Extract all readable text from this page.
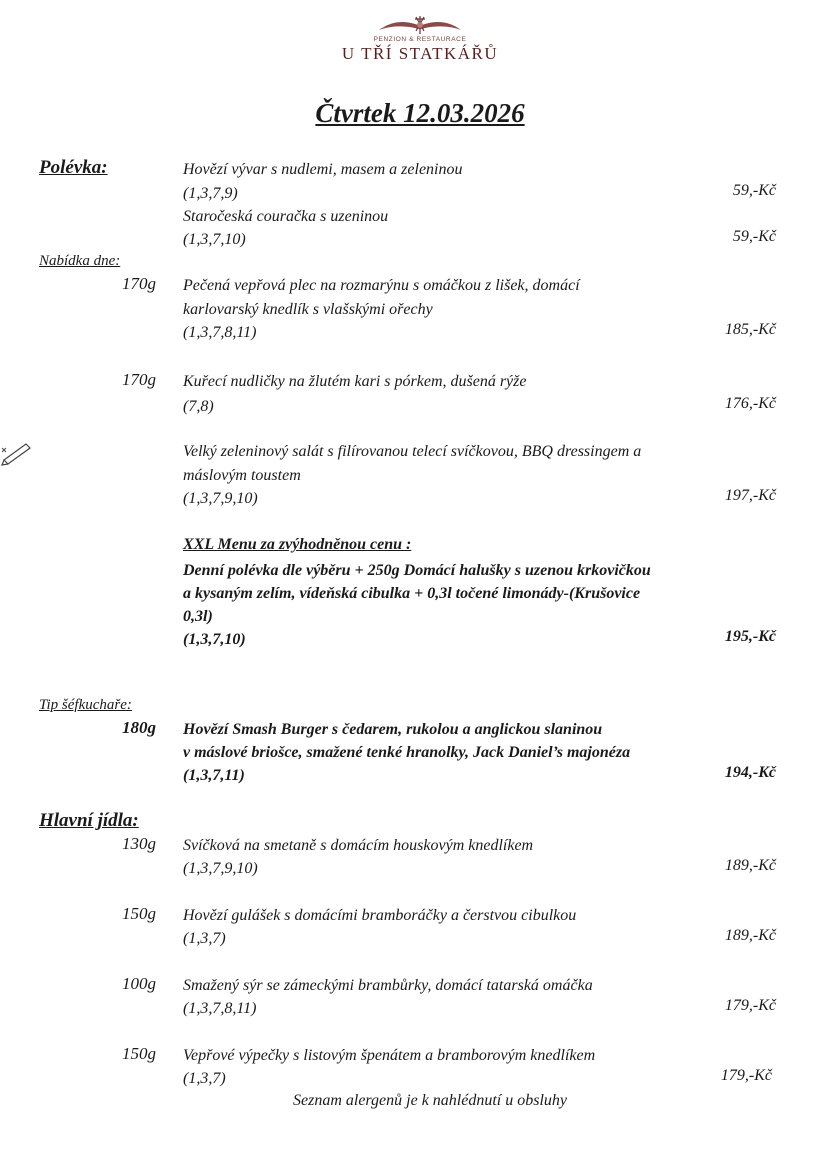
PENZION & RESTAURACE
U TŘÍ STATKÁŘŮ
Čtvrtek 12.03.2026
Polévka:	Hovězí vývar s nudlemi, masem a zeleninou
(1,3,7,9)	59,-Kč
Staročeská couračka s uzeninou
(1,3,7,10)	59,-Kč
Nabídka dne:
170g Pečená vepřová plec na rozmarýnu s omáčkou z lišek, domácí
karlovarský knedlík s vlašskými ořechy
(1,3,7,8,11)	185,-Kč
170g Kuřecí nudličky na žlutém kari s pórkem, dušená rýže
(7,8)	176,-Kč
Velký zeleninový salát s filírovanou telecí svíčkovou, BBQ dressingem a
máslovým toustem
(1,3,7,9,10)	197,-Kč
XXL Menu za zvýhodněnou cenu :
Denní polévka dle výběru + 250g Domácí halušky s uzenou krkovičkou
a kysaným zelím, vídeňská cibulka + 0,3l točené limonády-(Krušovice
0,3l)
(1,3,7,10)	195,-Kč
Tip šéfkuchaře:
180g Hovězí Smash Burger s čedarem, rukolou a anglickou slaninou
v máslové briošce, smažené tenké hranolky, Jack Daniel’s majonéza
(1,3,7,11)	194,-Kč
Hlavní jídla:
130g Svíčková na smetaně s domácím houskovým knedlíkem
(1,3,7,9,10)	189,-Kč
150g Hovězí gulášek s domácími bramboráčky a čerstvou cibulkou
(1,3,7)	189,-Kč
100g Smažený sýr se zámeckými brambůrky, domácí tatarská omáčka
(1,3,7,8,11)	179,-Kč
150g Vepřové výpečky s listovým špenátem a bramborovým knedlíkem
(1,3,7)	179,-Kč
Seznam alergenů je k nahlédnutí u obsluhy
